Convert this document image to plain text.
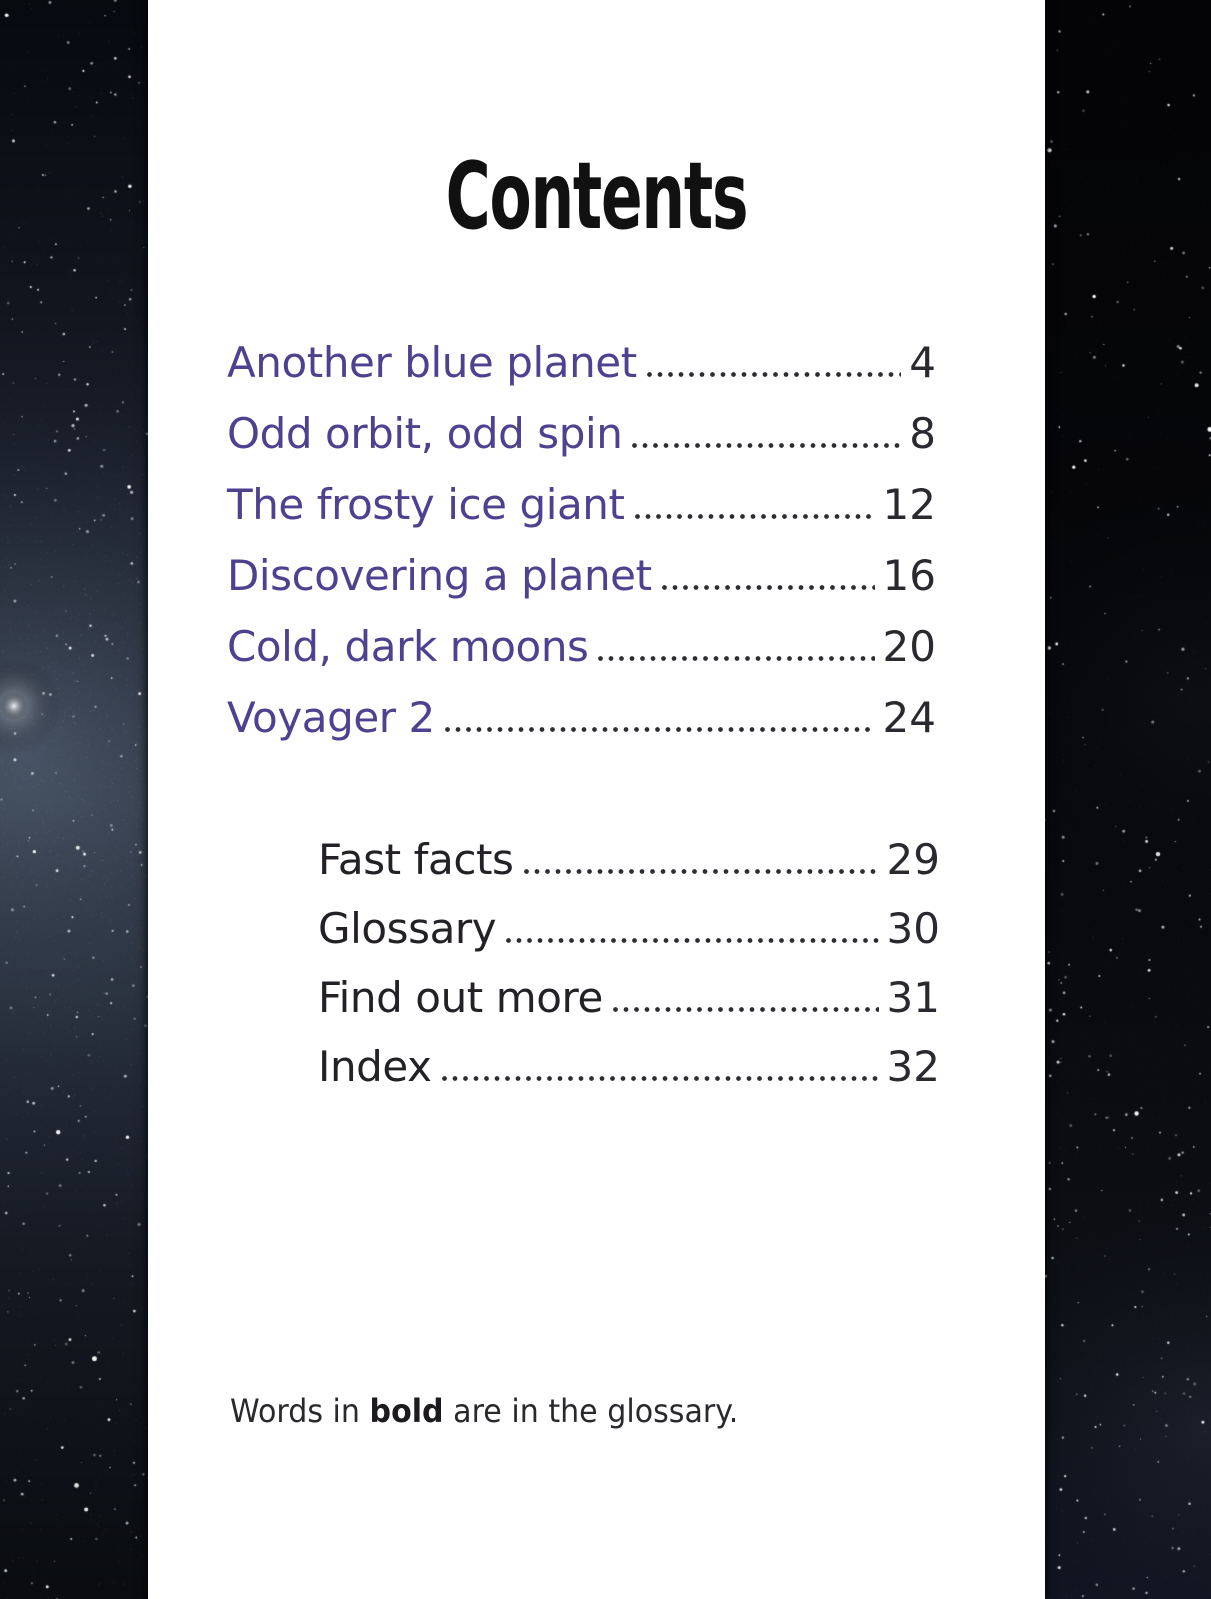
Contents
Another blue planet	4
Odd orbit, odd spin	8
The frosty ice giant	12
Discovering a planet	16
Cold, dark moons	20
Voyager 2	24
Fast facts	29
Glossary	30
Find out more	31
Index	32

Words in bold are in the glossary.
